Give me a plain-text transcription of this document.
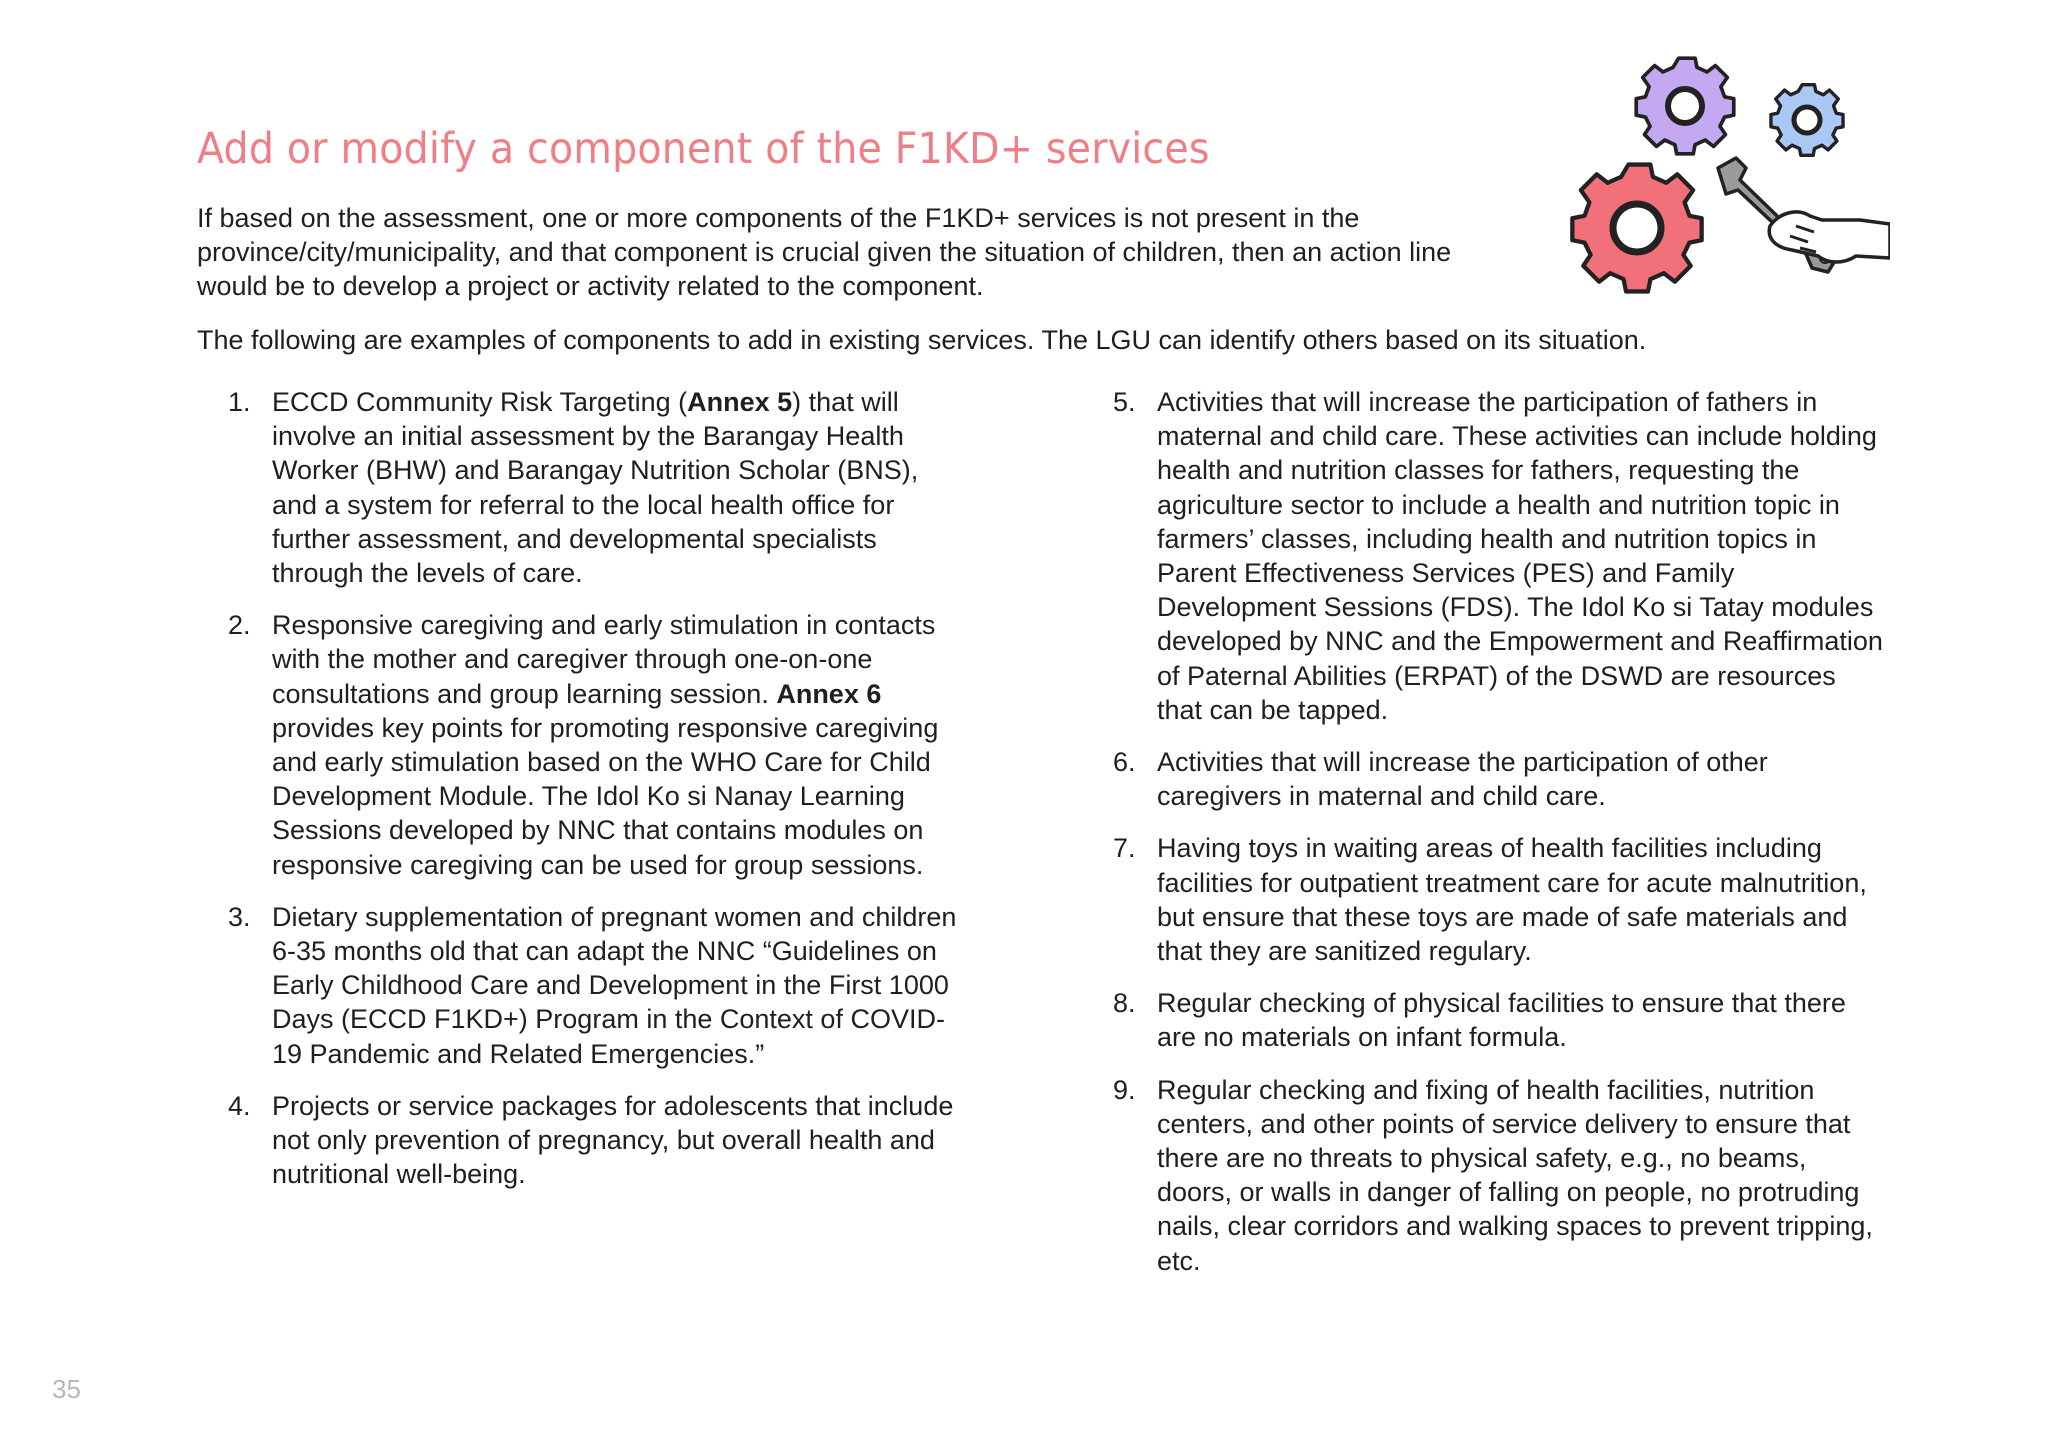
Add or modify a component of the F1KD+ services

If based on the assessment, one or more components of the F1KD+ services is not present in the province/city/municipality, and that component is crucial given the situation of children, then an action line would be to develop a project or activity related to the component.

The following are examples of components to add in existing services. The LGU can identify others based on its situation.

1. ECCD Community Risk Targeting (Annex 5) that will involve an initial assessment by the Barangay Health Worker (BHW) and Barangay Nutrition Scholar (BNS), and a system for referral to the local health office for further assessment, and developmental specialists through the levels of care.
2. Responsive caregiving and early stimulation in contacts with the mother and caregiver through one-on-one consultations and group learning session. Annex 6 provides key points for promoting responsive caregiving and early stimulation based on the WHO Care for Child Development Module. The Idol Ko si Nanay Learning Sessions developed by NNC that contains modules on responsive caregiving can be used for group sessions.
3. Dietary supplementation of pregnant women and children 6-35 months old that can adapt the NNC “Guidelines on Early Childhood Care and Development in the First 1000 Days (ECCD F1KD+) Program in the Context of COVID-19 Pandemic and Related Emergencies.”
4. Projects or service packages for adolescents that include not only prevention of pregnancy, but overall health and nutritional well-being.
5. Activities that will increase the participation of fathers in maternal and child care. These activities can include holding health and nutrition classes for fathers, requesting the agriculture sector to include a health and nutrition topic in farmers’ classes, including health and nutrition topics in Parent Effectiveness Services (PES) and Family Development Sessions (FDS). The Idol Ko si Tatay modules developed by NNC and the Empowerment and Reaffirmation of Paternal Abilities (ERPAT) of the DSWD are resources that can be tapped.
6. Activities that will increase the participation of other caregivers in maternal and child care.
7. Having toys in waiting areas of health facilities including facilities for outpatient treatment care for acute malnutrition, but ensure that these toys are made of safe materials and that they are sanitized regulary.
8. Regular checking of physical facilities to ensure that there are no materials on infant formula.
9. Regular checking and fixing of health facilities, nutrition centers, and other points of service delivery to ensure that there are no threats to physical safety, e.g., no beams, doors, or walls in danger of falling on people, no protruding nails, clear corridors and walking spaces to prevent tripping, etc.
35
